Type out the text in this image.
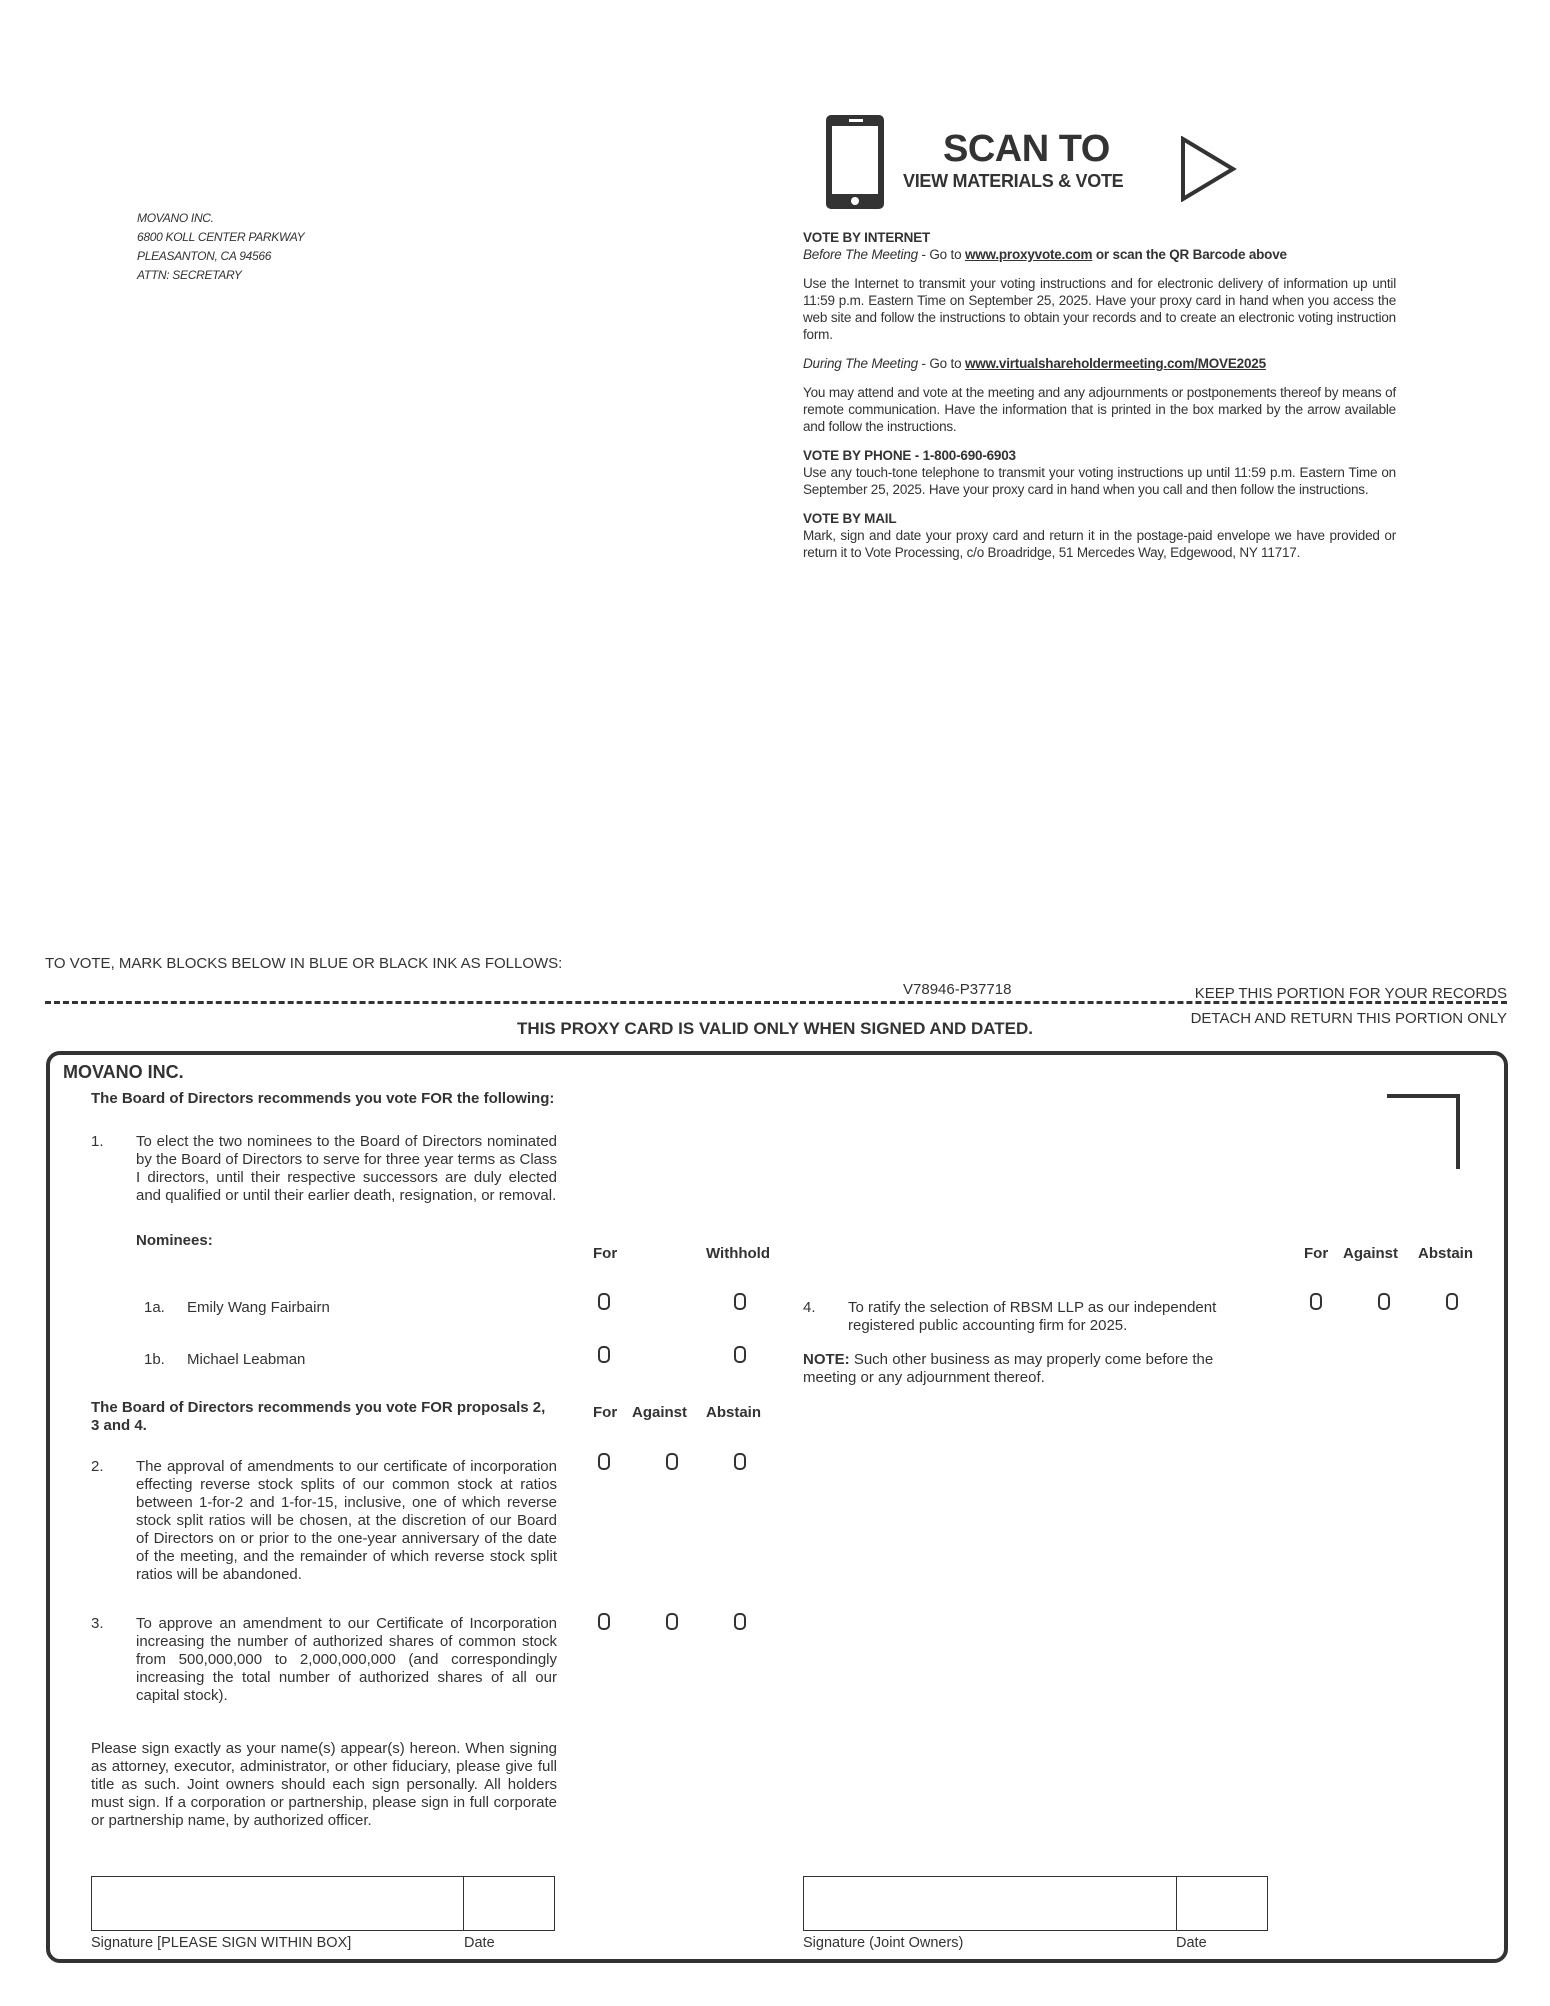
MOVANO INC.
6800 KOLL CENTER PARKWAY
PLEASANTON, CA 94566
ATTN: SECRETARY
SCAN TO
VIEW MATERIALS & VOTE
VOTE BY INTERNET

Before The Meeting - Go to www.proxyvote.com or scan the QR Barcode above

Use the Internet to transmit your voting instructions and for electronic delivery of information up until 11:59 p.m. Eastern Time on September 25, 2025. Have your proxy card in hand when you access the web site and follow the instructions to obtain your records and to create an electronic voting instruction form.

During The Meeting - Go to www.virtualshareholdermeeting.com/MOVE2025

You may attend and vote at the meeting and any adjournments or postponements thereof by means of remote communication. Have the information that is printed in the box marked by the arrow available and follow the instructions.

VOTE BY PHONE - 1-800-690-6903

Use any touch-tone telephone to transmit your voting instructions up until 11:59 p.m. Eastern Time on September 25, 2025. Have your proxy card in hand when you call and then follow the instructions.

VOTE BY MAIL

Mark, sign and date your proxy card and return it in the postage-paid envelope we have provided or return it to Vote Processing, c/o Broadridge, 51 Mercedes Way, Edgewood, NY 11717.

TO VOTE, MARK BLOCKS BELOW IN BLUE OR BLACK INK AS FOLLOWS:
V78946-P37718	KEEP THIS PORTION FOR YOUR RECORDS
DETACH AND RETURN THIS PORTION ONLY
THIS PROXY CARD IS VALID ONLY WHEN SIGNED AND DATED.
MOVANO INC.
The Board of Directors recommends you vote FOR the following:
1. To elect the two nominees to the Board of Directors nominated by the Board of Directors to serve for three year terms as Class I directors, until their respective successors are duly elected and qualified or until their earlier death, resignation, or removal.
Nominees:
For	Withhold	For Against Abstain
1a. Emily Wang Fairbairn
1b. Michael Leabman
4. To ratify the selection of RBSM LLP as our independent registered public accounting firm for 2025.
NOTE: Such other business as may properly come before the meeting or any adjournment thereof.
The Board of Directors recommends you vote FOR proposals 2, 3 and 4.
For Against Abstain
2. The approval of amendments to our certificate of incorporation effecting reverse stock splits of our common stock at ratios between 1-for-2 and 1-for-15, inclusive, one of which reverse stock split ratios will be chosen, at the discretion of our Board of Directors on or prior to the one-year anniversary of the date of the meeting, and the remainder of which reverse stock split ratios will be abandoned.
3. To approve an amendment to our Certificate of Incorporation increasing the number of authorized shares of common stock from 500,000,000 to 2,000,000,000 (and correspondingly increasing the total number of authorized shares of all our capital stock).
Please sign exactly as your name(s) appear(s) hereon. When signing as attorney, executor, administrator, or other fiduciary, please give full title as such. Joint owners should each sign personally. All holders must sign. If a corporation or partnership, please sign in full corporate or partnership name, by authorized officer.
Signature [PLEASE SIGN WITHIN BOX]	Date	Signature (Joint Owners)	Date
